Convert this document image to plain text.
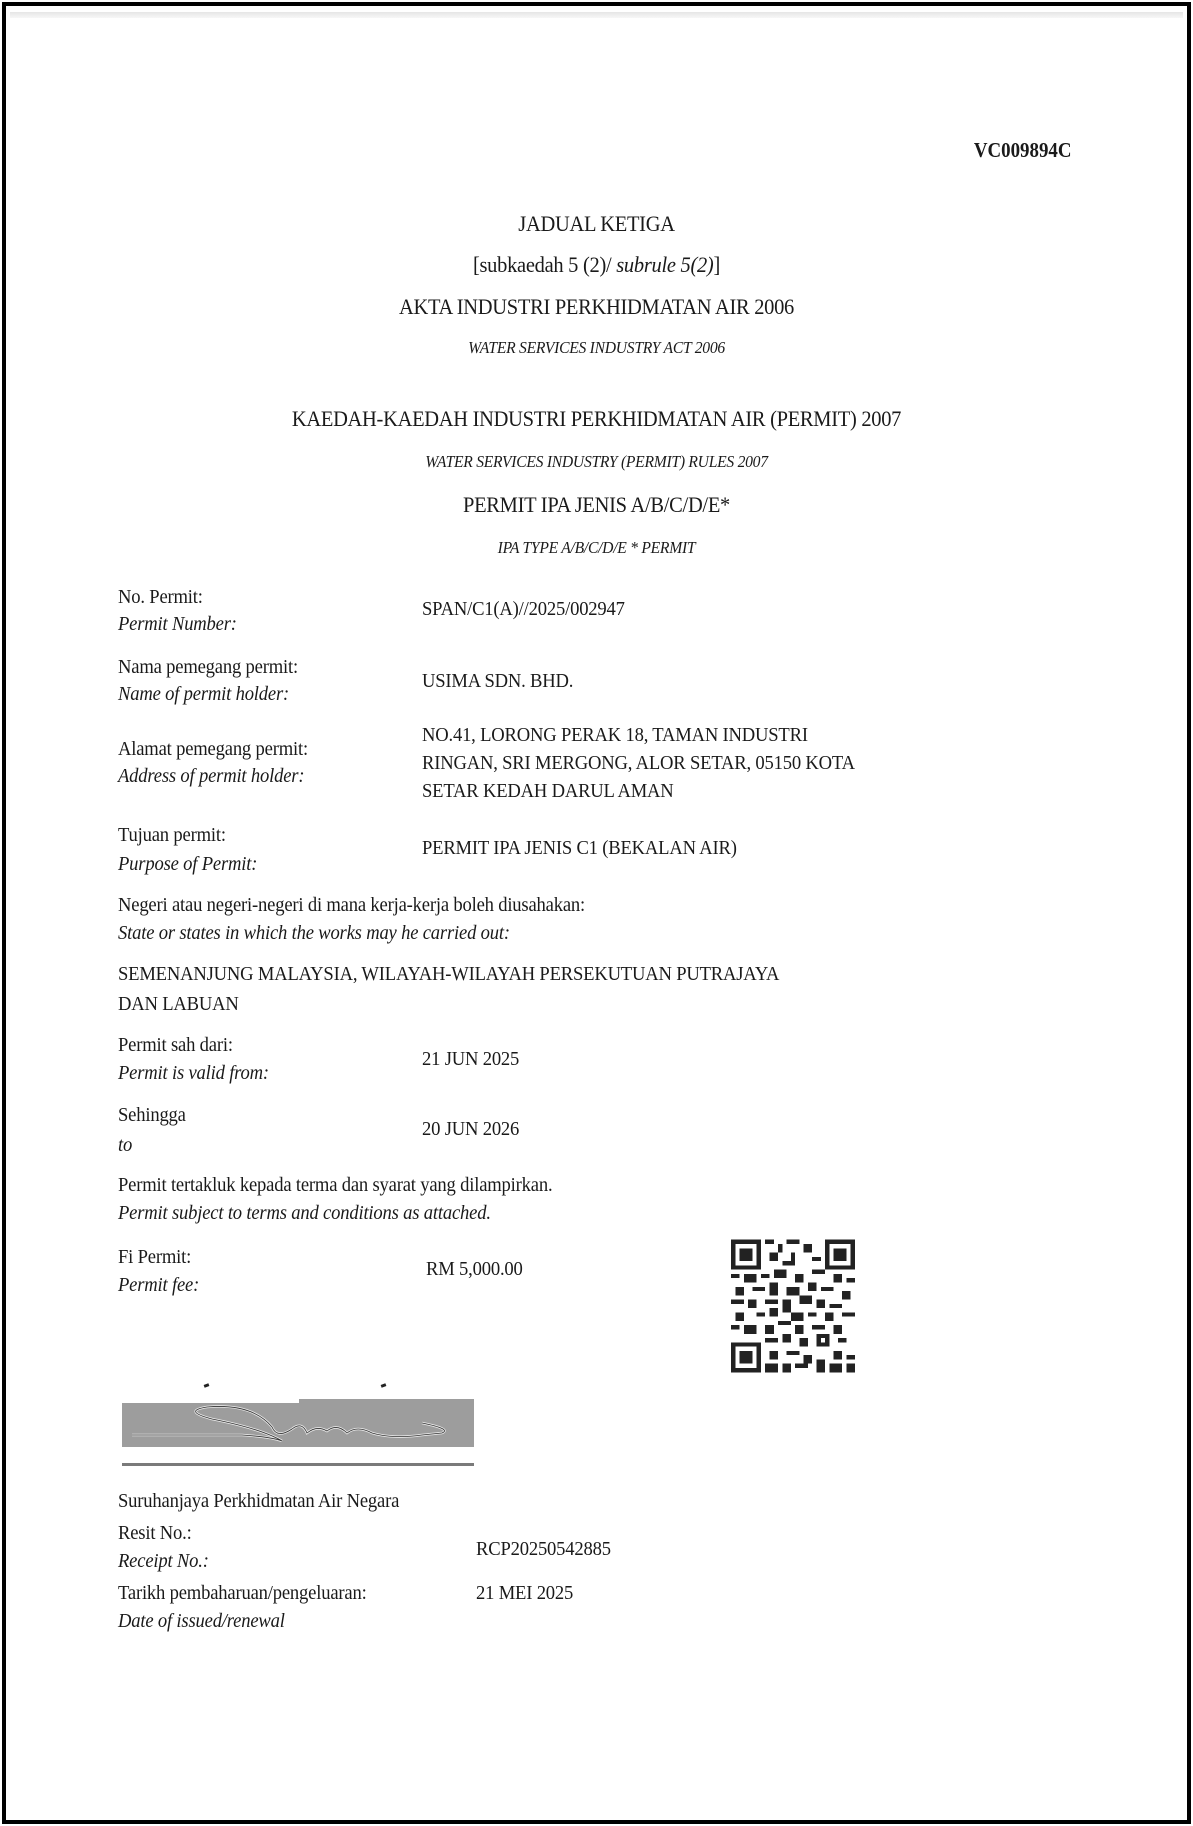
VC009894C
JADUAL KETIGA
[subkaedah 5 (2)/ subrule 5(2)]
AKTA INDUSTRI PERKHIDMATAN AIR 2006
WATER SERVICES INDUSTRY ACT 2006
KAEDAH-KAEDAH INDUSTRI PERKHIDMATAN AIR (PERMIT) 2007
WATER SERVICES INDUSTRY (PERMIT) RULES 2007
PERMIT IPA JENIS A/B/C/D/E*
IPA TYPE A/B/C/D/E * PERMIT
No. Permit:
Permit Number:
SPAN/C1(A)//2025/002947
Nama pemegang permit:
Name of permit holder:
USIMA SDN. BHD.
Alamat pemegang permit:
Address of permit holder:
NO.41, LORONG PERAK 18, TAMAN INDUSTRI
RINGAN, SRI MERGONG, ALOR SETAR, 05150 KOTA
SETAR KEDAH DARUL AMAN
Tujuan permit:
Purpose of Permit:
PERMIT IPA JENIS C1 (BEKALAN AIR)
Negeri atau negeri-negeri di mana kerja-kerja boleh diusahakan:
State or states in which the works may he carried out:
SEMENANJUNG MALAYSIA, WILAYAH-WILAYAH PERSEKUTUAN PUTRAJAYA
DAN LABUAN
Permit sah dari:
Permit is valid from:
21 JUN 2025
Sehingga
to
20 JUN 2026
Permit tertakluk kepada terma dan syarat yang dilampirkan.
Permit subject to terms and conditions as attached.
Fi Permit:
Permit fee:
RM 5,000.00
Suruhanjaya Perkhidmatan Air Negara
Resit No.:
Receipt No.:
RCP20250542885
Tarikh pembaharuan/pengeluaran:
Date of issued/renewal
21 MEI 2025
